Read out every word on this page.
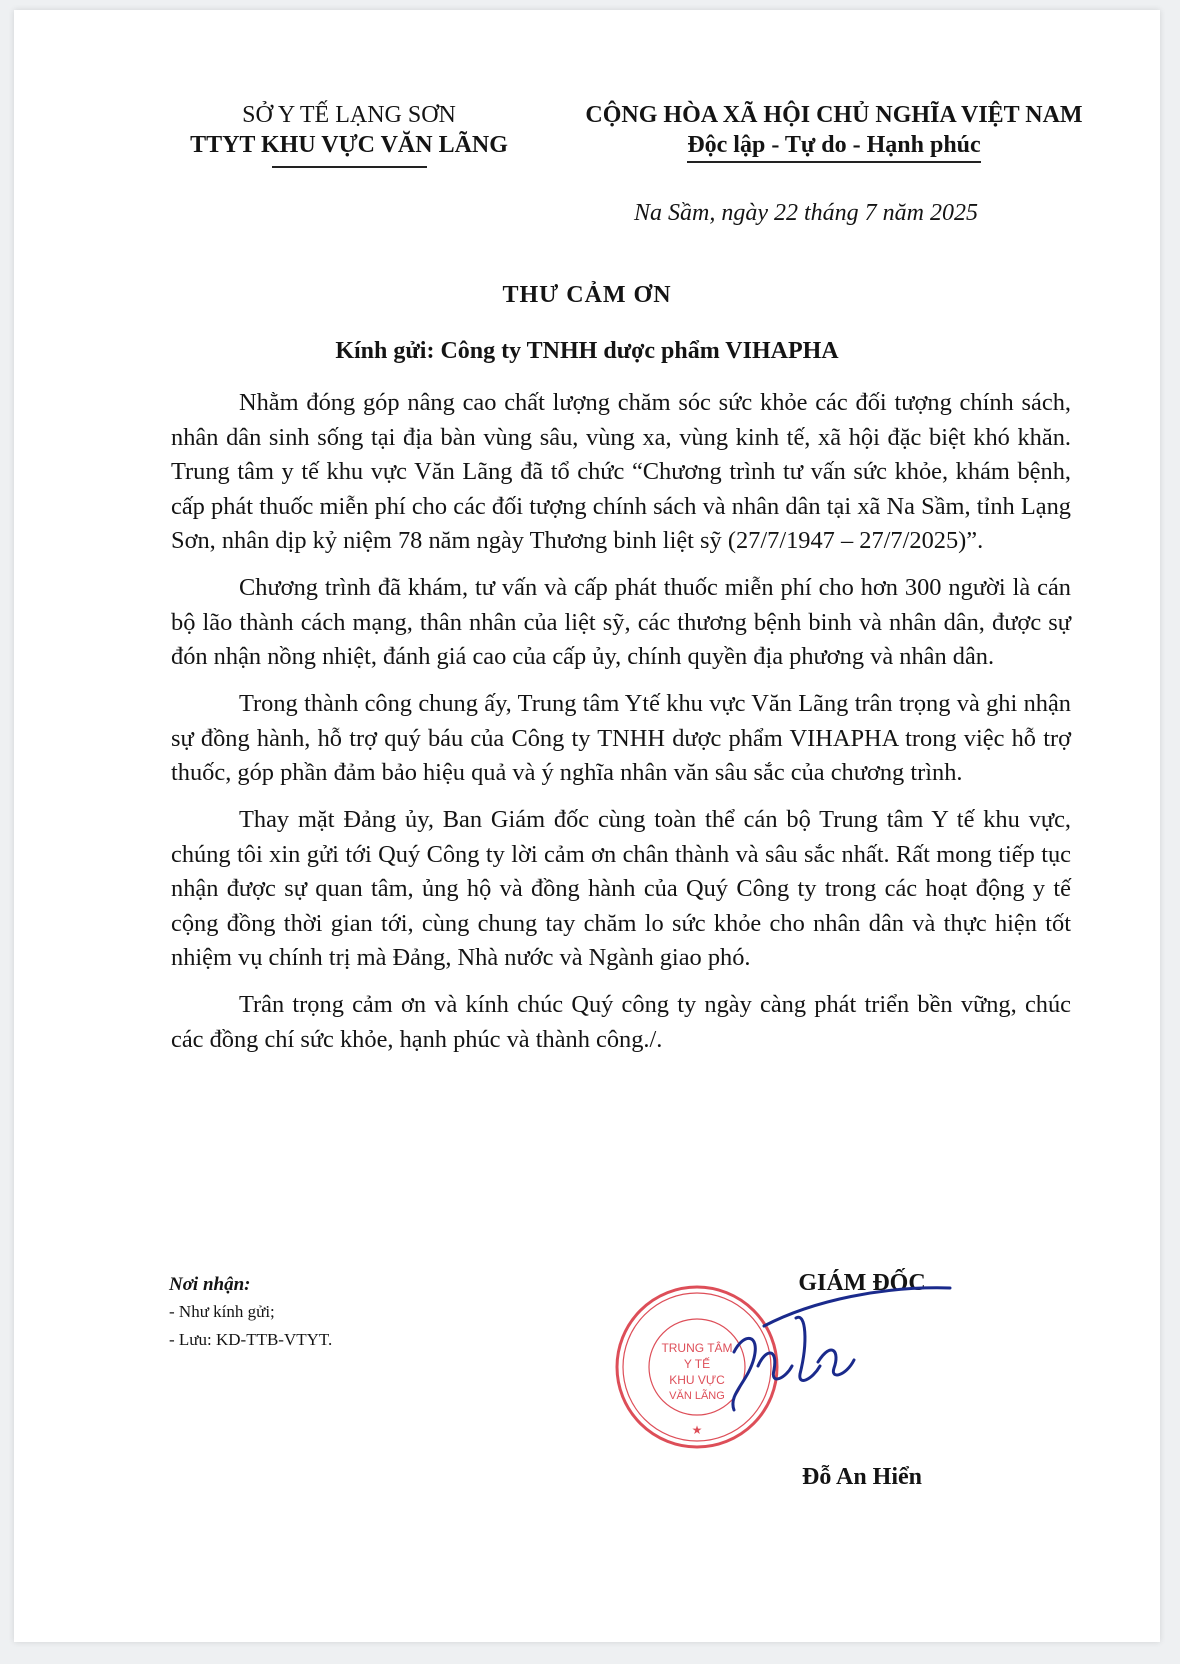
SỞ Y TẾ LẠNG SƠN
TTYT KHU VỰC VĂN LÃNG
CỘNG HÒA XÃ HỘI CHỦ NGHĨA VIỆT NAM
Độc lập - Tự do - Hạnh phúc
Na Sầm, ngày 22 tháng 7 năm 2025
THƯ CẢM ƠN
Kính gửi: Công ty TNHH dược phẩm VIHAPHA

Nhằm đóng góp nâng cao chất lượng chăm sóc sức khỏe các đối tượng chính sách, nhân dân sinh sống tại địa bàn vùng sâu, vùng xa, vùng kinh tế, xã hội đặc biệt khó khăn. Trung tâm y tế khu vực Văn Lãng đã tổ chức “Chương trình tư vấn sức khỏe, khám bệnh, cấp phát thuốc miễn phí cho các đối tượng chính sách và nhân dân tại xã Na Sầm, tỉnh Lạng Sơn, nhân dịp kỷ niệm 78 năm ngày Thương binh liệt sỹ (27/7/1947 – 27/7/2025)”.

Chương trình đã khám, tư vấn và cấp phát thuốc miễn phí cho hơn 300 người là cán bộ lão thành cách mạng, thân nhân của liệt sỹ, các thương bệnh binh và nhân dân, được sự đón nhận nồng nhiệt, đánh giá cao của cấp ủy, chính quyền địa phương và nhân dân.

Trong thành công chung ấy, Trung tâm Ytế khu vực Văn Lãng trân trọng và ghi nhận sự đồng hành, hỗ trợ quý báu của Công ty TNHH dược phẩm VIHAPHA trong việc hỗ trợ thuốc, góp phần đảm bảo hiệu quả và ý nghĩa nhân văn sâu sắc của chương trình.

Thay mặt Đảng ủy, Ban Giám đốc cùng toàn thể cán bộ Trung tâm Y tế khu vực, chúng tôi xin gửi tới Quý Công ty lời cảm ơn chân thành và sâu sắc nhất. Rất mong tiếp tục nhận được sự quan tâm, ủng hộ và đồng hành của Quý Công ty trong các hoạt động y tế cộng đồng thời gian tới, cùng chung tay chăm lo sức khỏe cho nhân dân và thực hiện tốt nhiệm vụ chính trị mà Đảng, Nhà nước và Ngành giao phó.

Trân trọng cảm ơn và kính chúc Quý công ty ngày càng phát triển bền vững, chúc các đồng chí sức khỏe, hạnh phúc và thành công./.

Nơi nhận:
- Như kính gửi;
- Lưu: KD-TTB-VTYT.
GIÁM ĐỐC
TRUNG TÂM
Y TẾ
KHU VỰC
VĂN LÃNG
★
Đỗ An Hiển
